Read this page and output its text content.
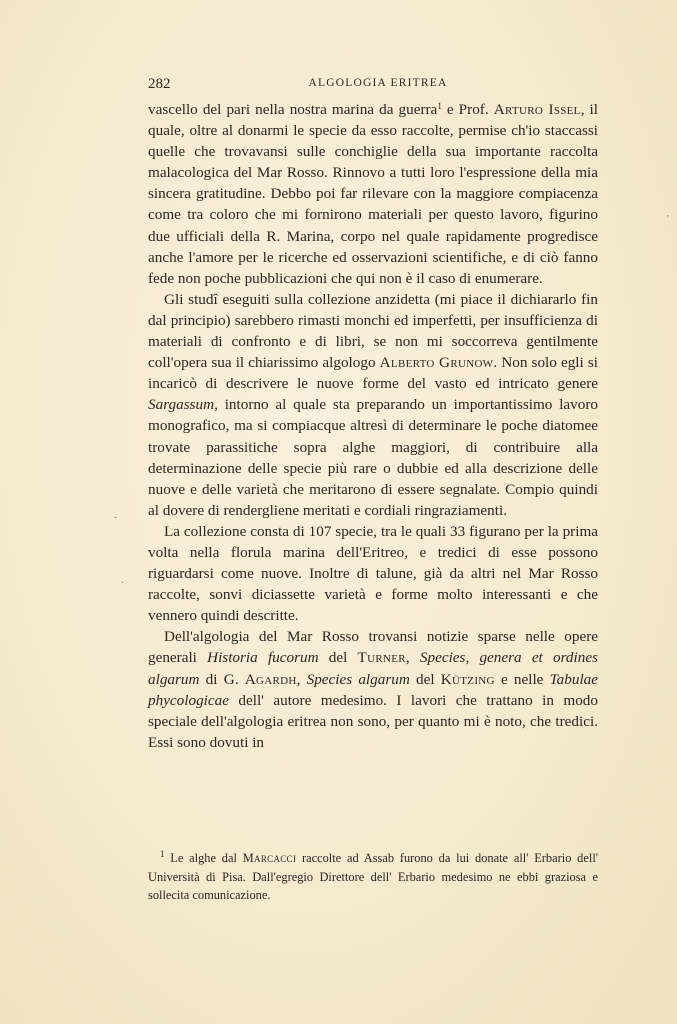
282	ALGOLOGIA ERITREA

vascello del pari nella nostra marina da guerra$^1$ e Prof. Arturo Issel, il quale, oltre al donarmi le specie da esso raccolte, permise ch'io staccassi quelle che trovavansi sulle conchiglie della sua importante raccolta malacologica del Mar Rosso. Rinnovo a tutti loro l'espressione della mia sincera gratitudine. Debbo poi far rilevare con la maggiore compiacenza come tra coloro che mi fornirono materiali per questo lavoro, figurino due ufficiali della R. Marina, corpo nel quale rapidamente progredisce anche l'amore per le ricerche ed osservazioni scientifiche, e di ciò fanno fede non poche pubblicazioni che qui non è il caso di enumerare.

Gli studî eseguiti sulla collezione anzidetta (mi piace il dichiararlo fin dal principio) sarebbero rimasti monchi ed imperfetti, per insufficienza di materiali di confronto e di libri, se non mi soccorreva gentilmente coll'opera sua il chiarissimo algologo Alberto Grunow. Non solo egli si incaricò di descrivere le nuove forme del vasto ed intricato genere Sargassum, intorno al quale sta preparando un importantissimo lavoro monografico, ma si compiacque altresì di determinare le poche diatomee trovate parassitiche sopra alghe maggiori, di contribuire alla determinazione delle specie più rare o dubbie ed alla descrizione delle nuove e delle varietà che meritarono di essere segnalate. Compio quindi al dovere di rendergliene meritati e cordiali ringraziamenti.

La collezione consta di 107 specie, tra le quali 33 figurano per la prima volta nella florula marina dell'Eritreo, e tredici di esse possono riguardarsi come nuove. Inoltre di talune, già da altri nel Mar Rosso raccolte, sonvi diciassette varietà e forme molto interessanti e che vennero quindi descritte.

Dell'algologia del Mar Rosso trovansi notizie sparse nelle opere generali Historia fucorum del Turner, Species, genera et ordines algarum di G. Agardh, Species algarum del Kützing e nelle Tabulae phycologicae dell' autore medesimo. I lavori che trattano in modo speciale dell'algologia eritrea non sono, per quanto mi è noto, che tredici. Essi sono dovuti in

$^1$ Le alghe dal Marcacci raccolte ad Assab furono da lui donate all' Erbario dell' Università di Pisa. Dall'egregio Direttore dell' Erbario medesimo ne ebbi graziosa e sollecita comunicazione.

˘
·
‚
